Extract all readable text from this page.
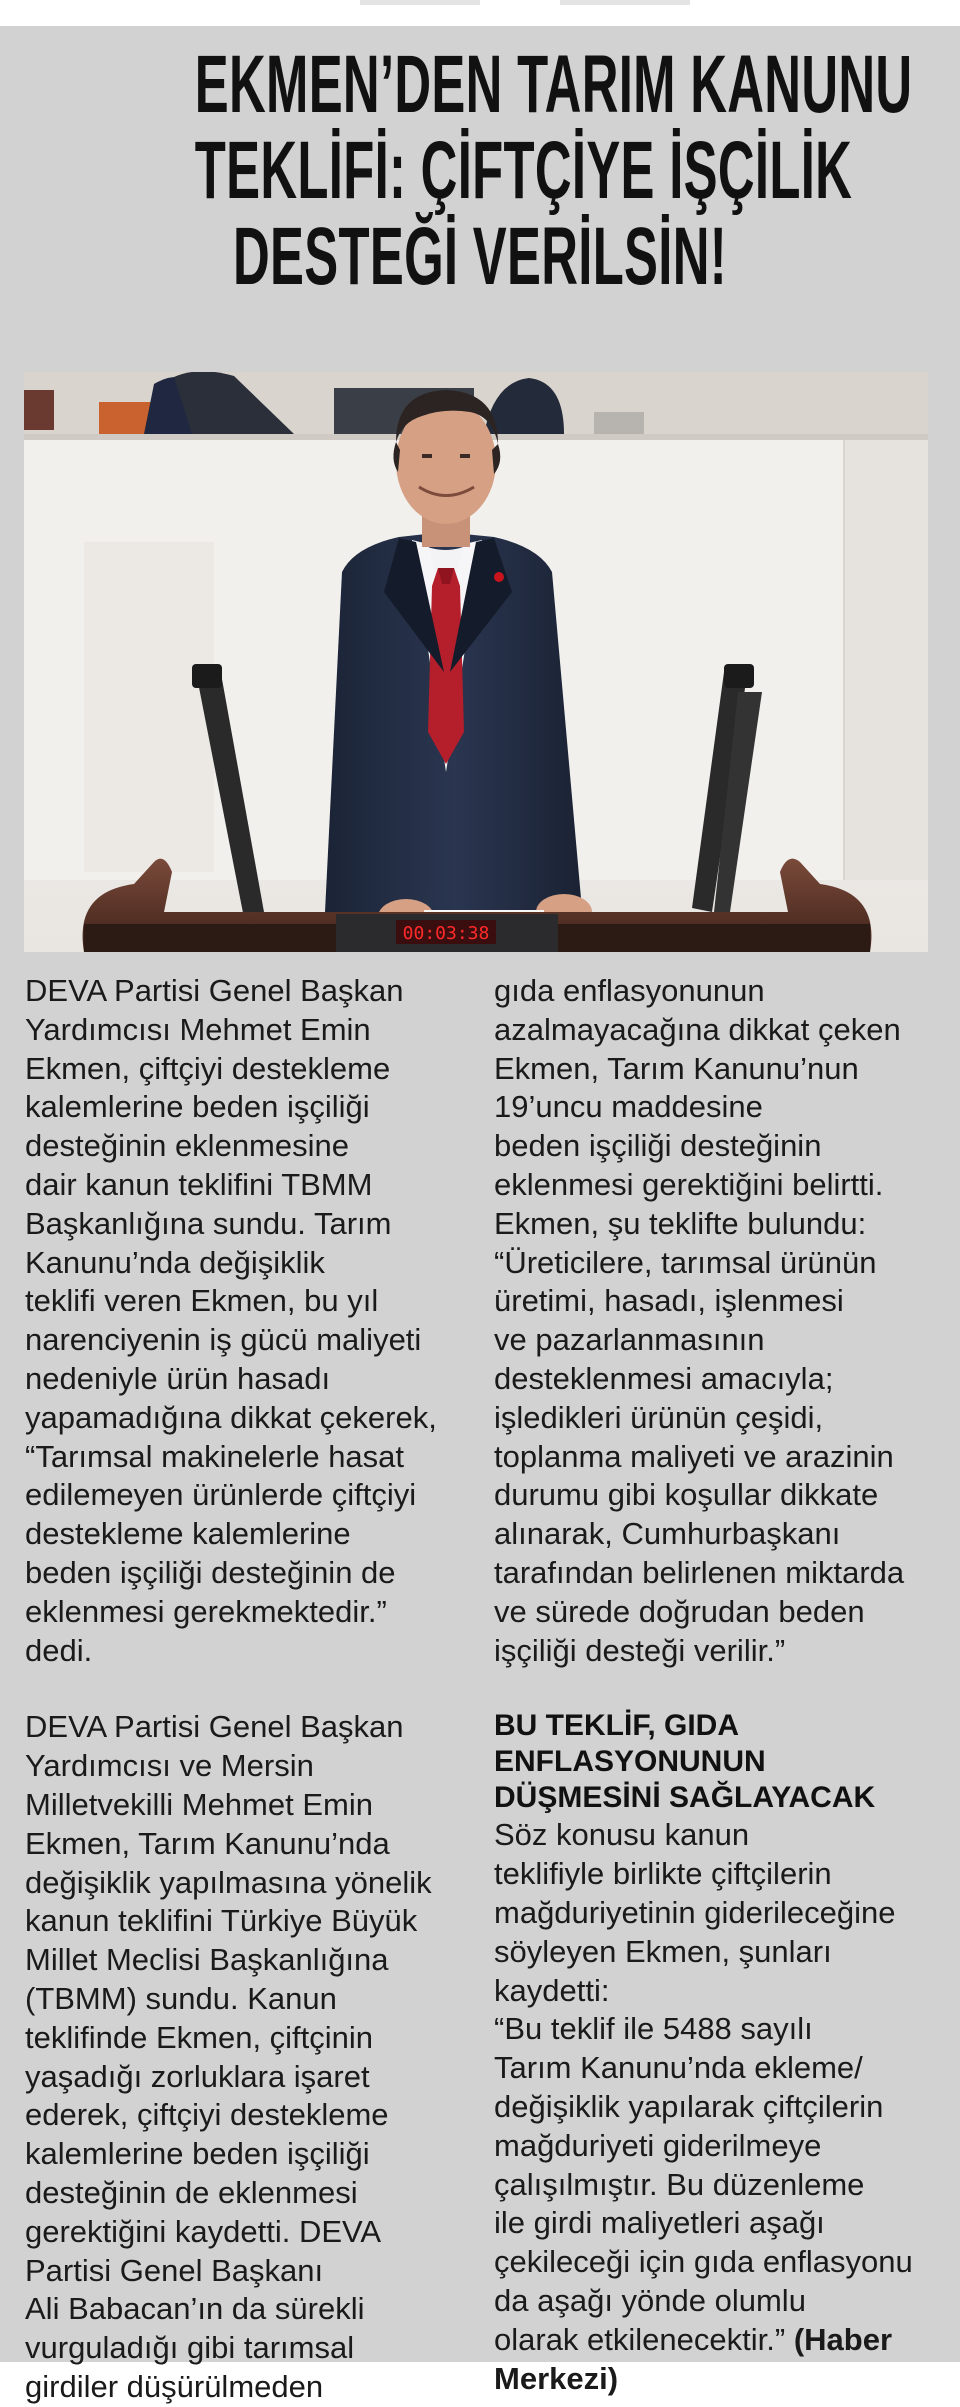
EKMEN’DEN TARIM KANUNU
TEKLİFİ: ÇİFTÇİYE İŞÇİLİK
DESTEĞİ VERİLSİN!
00:03:38

DEVA Partisi Genel Başkan
Yardımcısı Mehmet Emin
Ekmen, çiftçiyi destekleme
kalemlerine beden işçiliği
desteğinin eklenmesine
dair kanun teklifini TBMM
Başkanlığına sundu. Tarım
Kanunu’nda değişiklik
teklifi veren Ekmen, bu yıl
narenciyenin iş gücü maliyeti
nedeniyle ürün hasadı
yapamadığına dikkat çekerek,
“Tarımsal makinelerle hasat
edilemeyen ürünlerde çiftçiyi
destekleme kalemlerine
beden işçiliği desteğinin de
eklenmesi gerekmektedir.”
dedi.

DEVA Partisi Genel Başkan
Yardımcısı ve Mersin
Milletvekilli Mehmet Emin
Ekmen, Tarım Kanunu’nda
değişiklik yapılmasına yönelik
kanun teklifini Türkiye Büyük
Millet Meclisi Başkanlığına
(TBMM) sundu. Kanun
teklifinde Ekmen, çiftçinin
yaşadığı zorluklara işaret
ederek, çiftçiyi destekleme
kalemlerine beden işçiliği
desteğinin de eklenmesi
gerektiğini kaydetti. DEVA
Partisi Genel Başkanı
Ali Babacan’ın da sürekli
vurguladığı gibi tarımsal
girdiler düşürülmeden

gıda enflasyonunun
azalmayacağına dikkat çeken
Ekmen, Tarım Kanunu’nun
19’uncu maddesine
beden işçiliği desteğinin
eklenmesi gerektiğini belirtti.
Ekmen, şu teklifte bulundu:
“Üreticilere, tarımsal ürünün
üretimi, hasadı, işlenmesi
ve pazarlanmasının
desteklenmesi amacıyla;
işledikleri ürünün çeşidi,
toplanma maliyeti ve arazinin
durumu gibi koşullar dikkate
alınarak, Cumhurbaşkanı
tarafından belirlenen miktarda
ve sürede doğrudan beden
işçiliği desteği verilir.”

BU TEKLİF, GIDA
ENFLASYONUNUN
DÜŞMESİNİ SAĞLAYACAK

Söz konusu kanun
teklifiyle birlikte çiftçilerin
mağduriyetinin giderileceğine
söyleyen Ekmen, şunları
kaydetti:
“Bu teklif ile 5488 sayılı
Tarım Kanunu’nda ekleme/
değişiklik yapılarak çiftçilerin
mağduriyeti giderilmeye
çalışılmıştır. Bu düzenleme
ile girdi maliyetleri aşağı
çekileceği için gıda enflasyonu
da aşağı yönde olumlu
olarak etkilenecektir.” (Haber
Merkezi)
